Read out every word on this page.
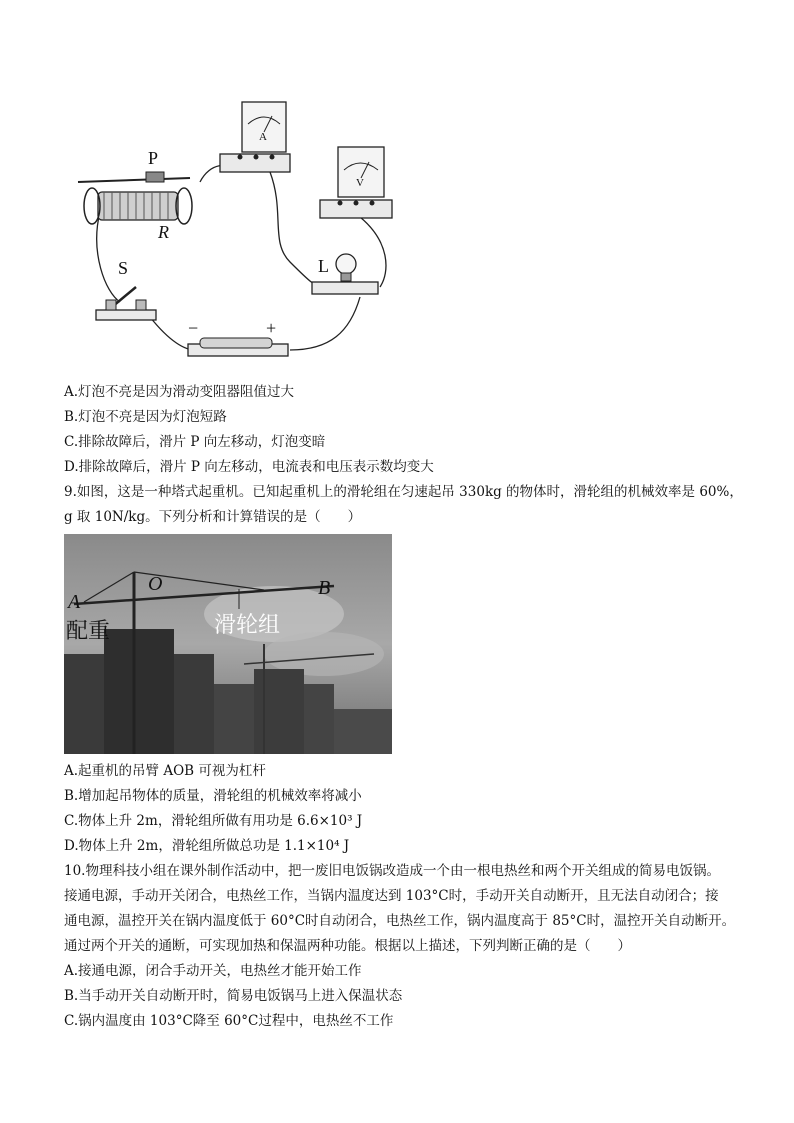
A
V
P
R
S	L
−	+
A.灯泡不亮是因为滑动变阻器阻值过大
B.灯泡不亮是因为灯泡短路
C.排除故障后，滑片 P 向左移动，灯泡变暗
D.排除故障后，滑片 P 向左移动，电流表和电压表示数均变大
9.如图，这是一种塔式起重机。已知起重机上的滑轮组在匀速起吊 330kg 的物体时，滑轮组的机械效率是 60%，
g 取 10N/kg。下列分析和计算错误的是（　　）
A
O	B
配重	滑轮组
A.起重机的吊臂 AOB 可视为杠杆
B.增加起吊物体的质量，滑轮组的机械效率将减小
C.物体上升 2m，滑轮组所做有用功是 6.6×10³ J
D.物体上升 2m，滑轮组所做总功是 1.1×10⁴ J
10.物理科技小组在课外制作活动中，把一废旧电饭锅改造成一个由一根电热丝和两个开关组成的简易电饭锅。
接通电源，手动开关闭合，电热丝工作，当锅内温度达到 103°C时，手动开关自动断开，且无法自动闭合；接
通电源，温控开关在锅内温度低于 60°C时自动闭合，电热丝工作，锅内温度高于 85°C时，温控开关自动断开。
通过两个开关的通断，可实现加热和保温两种功能。根据以上描述，下列判断正确的是（　　）
A.接通电源，闭合手动开关，电热丝才能开始工作
B.当手动开关自动断开时，简易电饭锅马上进入保温状态
C.锅内温度由 103°C降至 60°C过程中，电热丝不工作
